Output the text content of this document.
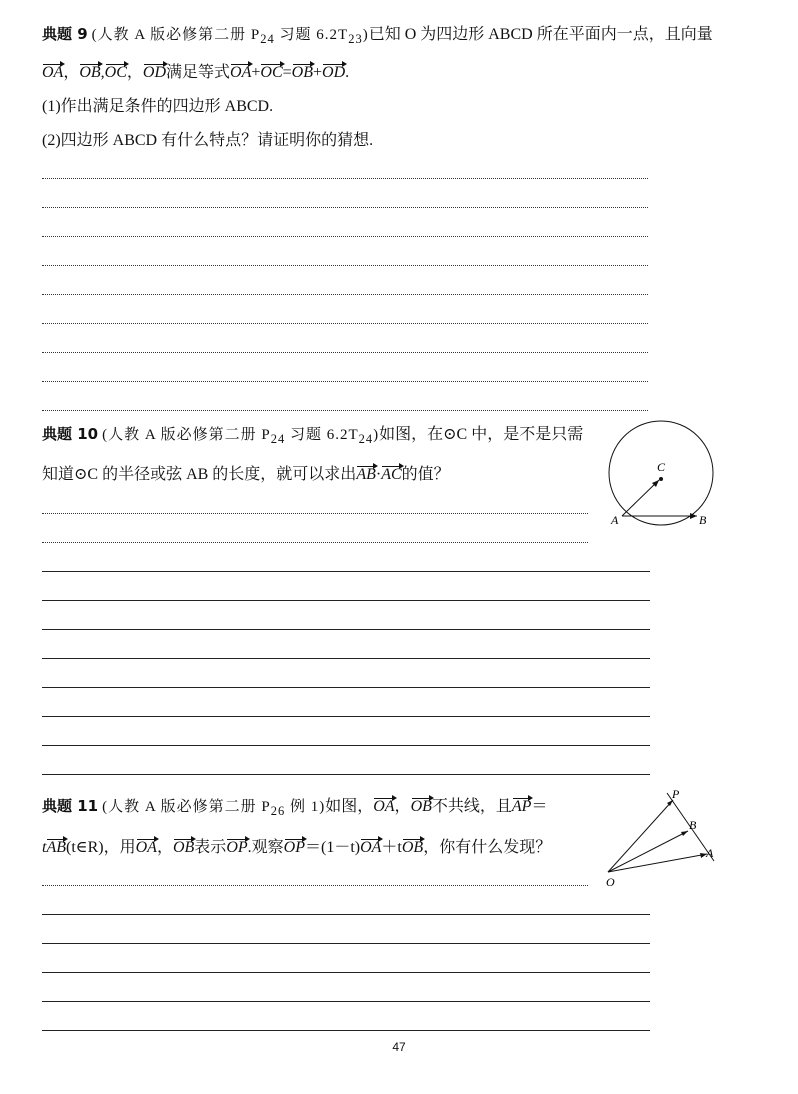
典题 9 (人教 A 版必修第二册 $P_{24}$ 习题 $6.2T_{23}$)已知 O 为四边形 ABCD 所在平面内一点，且向量
OA，OB,OC，OD满足等式OA+OC=OB+OD.
(1)作出满足条件的四边形 ABCD.
(2)四边形 ABCD 有什么特点？请证明你的猜想.
典题 10 (人教 A 版必修第二册 $P_{24}$ 习题 $6.2T_{24}$)如图，在⊙C 中，是不是只需
知道⊙C 的半径或弦 AB 的长度，就可以求出AB·AC的值？	C
A	B
典题 11 (人教 A 版必修第二册 $P_{26}$ 例 1)如图，OA，OB不共线，且AP＝
tAB(t∈R)，用OA，OB表示OP.观察OP＝(1－t)OA＋tOB，你有什么发现？
P
B
A
O
47
